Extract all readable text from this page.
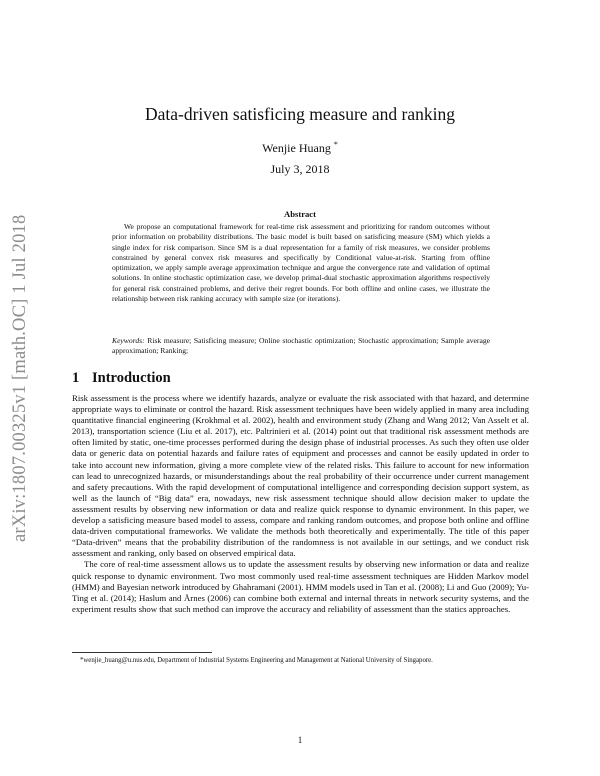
arXiv:1807.00325v1 [math.OC] 1 Jul 2018
Data-driven satisficing measure and ranking
Wenjie Huang *
July 3, 2018
Abstract

We propose an computational framework for real-time risk assessment and prioritizing for random outcomes without prior information on probability distributions. The basic model is built based on satisficing measure (SM) which yields a single index for risk comparison. Since SM is a dual representation for a family of risk measures, we consider problems constrained by general convex risk measures and specifically by Conditional value-at-risk. Starting from offline optimization, we apply sample average approximation technique and argue the convergence rate and validation of optimal solutions. In online stochastic optimization case, we develop primal-dual stochastic approximation algorithms respectively for general risk constrained problems, and derive their regret bounds. For both offline and online cases, we illustrate the relationship between risk ranking accuracy with sample size (or iterations).

Keywords: Risk measure; Satisficing measure; Online stochastic optimization; Stochastic approximation; Sample average approximation; Ranking;

1 Introduction

Risk assessment is the process where we identify hazards, analyze or evaluate the risk associated with that hazard, and determine appropriate ways to eliminate or control the hazard. Risk assessment techniques have been widely applied in many area including quantitative financial engineering (Krokhmal et al. 2002), health and environment study (Zhang and Wang 2012; Van Asselt et al. 2013), transportation science (Liu et al. 2017), etc. Paltrinieri et al. (2014) point out that traditional risk assessment methods are often limited by static, one-time processes performed during the design phase of industrial processes. As such they often use older data or generic data on potential hazards and failure rates of equipment and processes and cannot be easily updated in order to take into account new information, giving a more complete view of the related risks. This failure to account for new information can lead to unrecognized hazards, or misunderstandings about the real probability of their occurrence under current management and safety precautions. With the rapid development of computational intelligence and corresponding decision support system, as well as the launch of “Big data” era, nowadays, new risk assessment technique should allow decision maker to update the assessment results by observing new information or data and realize quick response to dynamic environment. In this paper, we develop a satisficing measure based model to assess, compare and ranking random outcomes, and propose both online and offline data-driven computational frameworks. We validate the methods both theoretically and experimentally. The title of this paper “Data-driven” means that the probability distribution of the randomness is not available in our settings, and we conduct risk assessment and ranking, only based on observed empirical data.

The core of real-time assessment allows us to update the assessment results by observing new information or data and realize quick response to dynamic environment. Two most commonly used real-time assessment techniques are Hidden Markov model (HMM) and Bayesian network introduced by Ghahramani (2001). HMM models used in Tan et al. (2008); Li and Guo (2009); Yu-Ting et al. (2014); Haslum and Årnes (2006) can combine both external and internal threats in network security systems, and the experiment results show that such method can improve the accuracy and reliability of assessment than the statics approaches.

*wenjie_huang@u.nus.edu, Department of Industrial Systems Engineering and Management at National University of Singapore.

1
